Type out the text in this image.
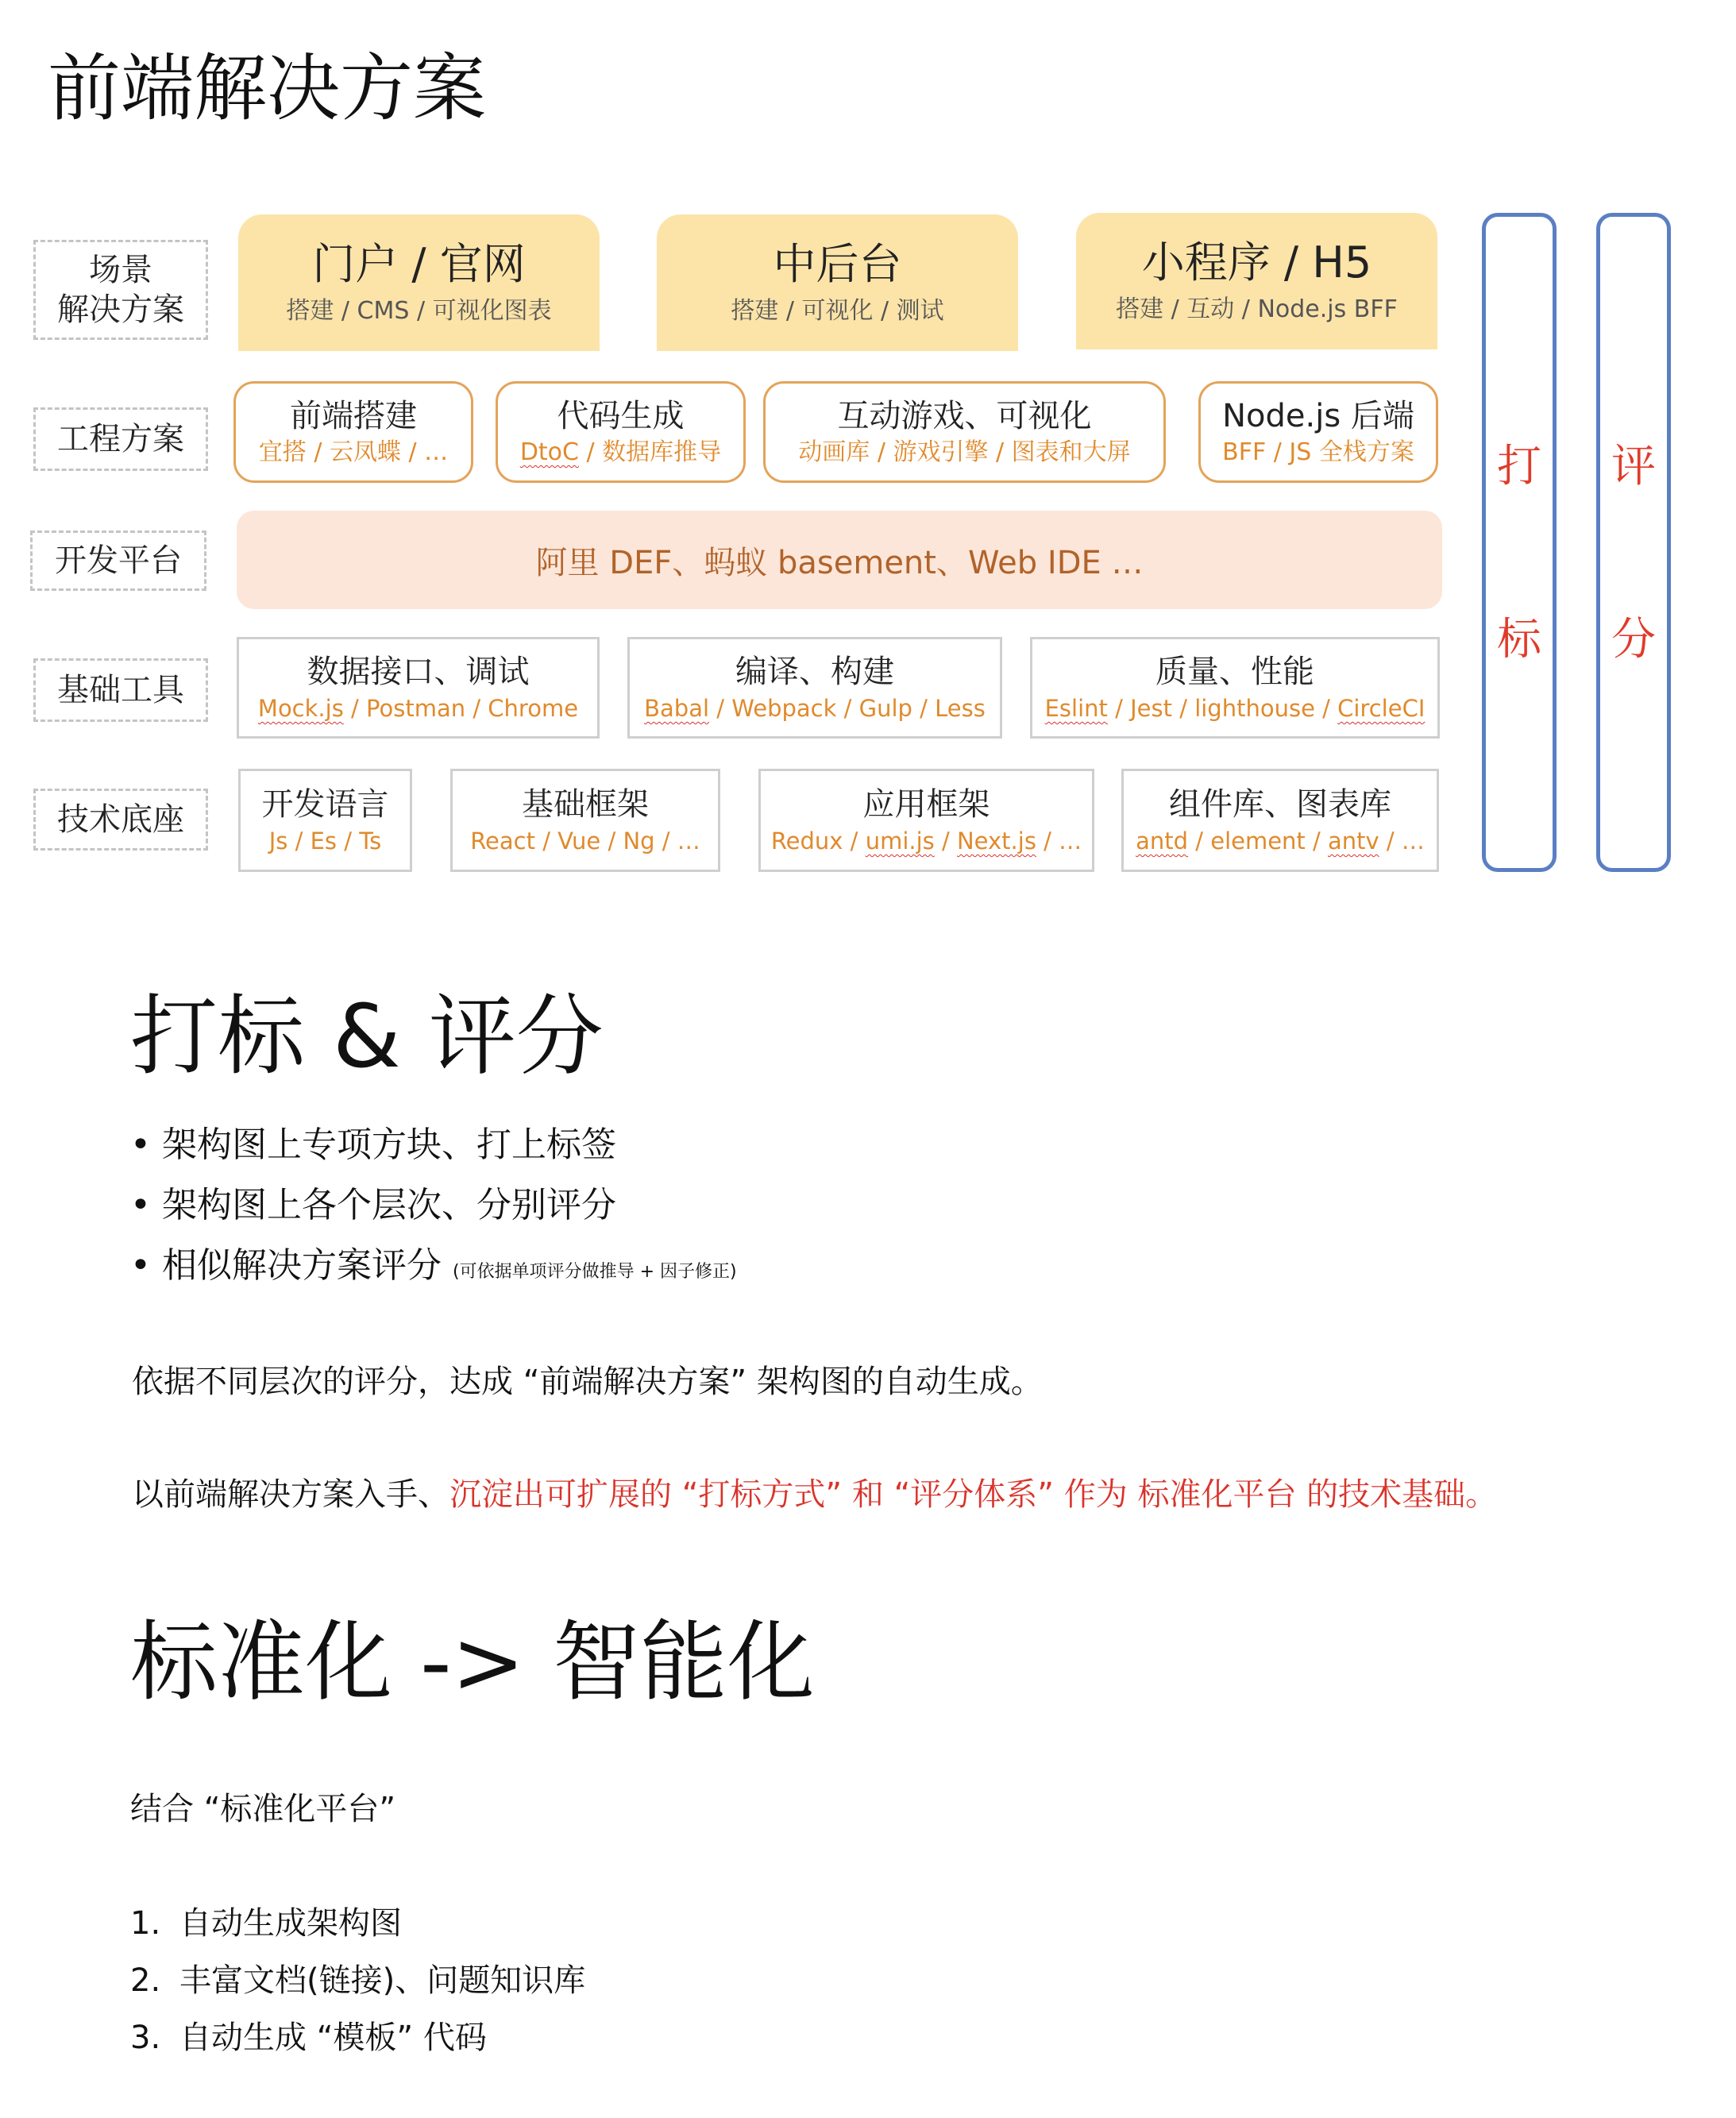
前端解决方案
场景
解决方案
工程方案
开发平台
基础工具
技术底座
门户 / 官网
搭建 / CMS / 可视化图表
中后台
搭建 / 可视化 / 测试
小程序 / H5
搭建 / 互动 / Node.js BFF
前端搭建
宜搭 / 云凤蝶 / …
代码生成
DtoC / 数据库推导
互动游戏、可视化
动画库 / 游戏引擎 / 图表和大屏
Node.js 后端
BFF / JS 全栈方案
阿里 DEF、蚂蚁 basement、Web IDE …
数据接口、调试
Mock.js / Postman / Chrome
编译、构建
Babal / Webpack / Gulp / Less
质量、性能
Eslint / Jest / lighthouse / CircleCI
开发语言
Js / Es / Ts
基础框架
React / Vue / Ng / …
应用框架
Redux / umi.js / Next.js / …
组件库、图表库
antd / element / antv / …
打
标
评
分
打标 & 评分
• 架构图上专项方块、打上标签
• 架构图上各个层次、分别评分
• 相似解决方案评分 (可依据单项评分做推导 + 因子修正)
依据不同层次的评分，达成 “前端解决方案” 架构图的自动生成。
以前端解决方案入手、沉淀出可扩展的 “打标方式” 和 “评分体系” 作为 标准化平台 的技术基础。
标准化 -> 智能化
结合 “标准化平台”
1. 自动生成架构图
2. 丰富文档(链接)、问题知识库
3. 自动生成 “模板” 代码
